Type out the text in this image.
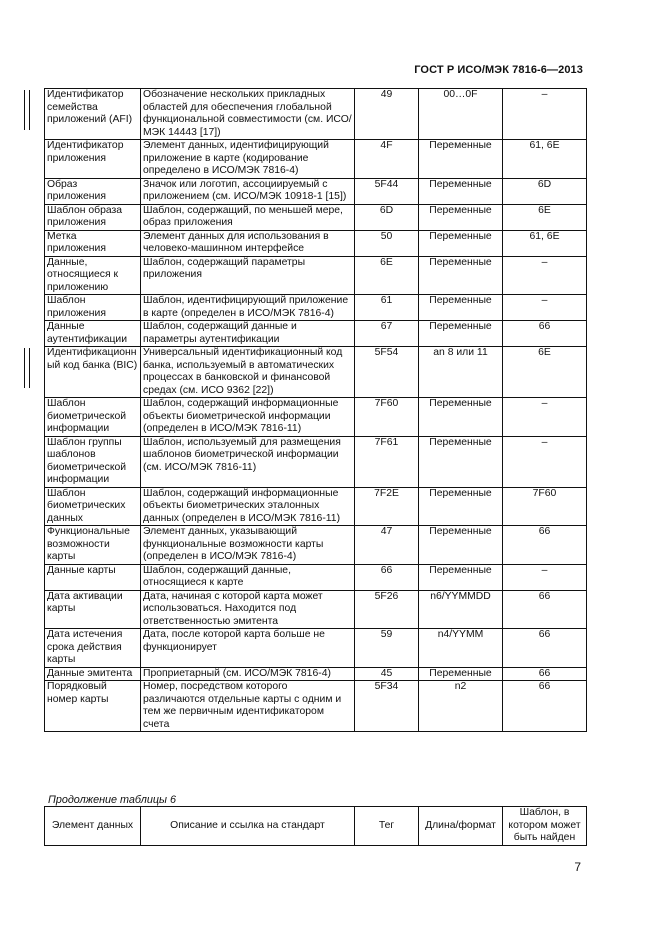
ГОСТ Р ИСО/МЭК 7816-6—2013
Идентификатор семейства приложений (AFI)	Обозначение нескольких прикладных областей для обеспечения глобальной функциональной совместимости (см. ИСО/МЭК 14443 [17])	49	00…0F	–
Идентификатор приложения	Элемент данных, идентифицирующий приложение в карте (кодирование определено в ИСО/МЭК 7816-4)	4F	Переменные	61, 6E
Образ приложения	Значок или логотип, ассоциируемый с приложением (см. ИСО/МЭК 10918-1 [15])	5F44	Переменные	6D
Шаблон образа приложения	Шаблон, содержащий, по меньшей мере, образ приложения	6D	Переменные	6E
Метка приложения	Элемент данных для использования в человеко-машинном интерфейсе	50	Переменные	61, 6E
Данные, относящиеся к приложению	Шаблон, содержащий параметры приложения	6E	Переменные	–
Шаблон приложения	Шаблон, идентифицирующий приложение в карте (определен в ИСО/МЭК 7816-4)	61	Переменные	–
Данные аутентификации	Шаблон, содержащий данные и параметры аутентификации	67	Переменные	66
Идентификационный код банка (BIC)	Универсальный идентификационный код банка, используемый в автоматических процессах в банковской и финансовой средах (см. ИСО 9362 [22])	5F54	an 8 или 11	6E
Шаблон биометрической информации	Шаблон, содержащий информационные объекты биометрической информации (определен в ИСО/МЭК 7816-11)	7F60	Переменные	–
Шаблон группы шаблонов биометрической информации	Шаблон, используемый для размещения шаблонов биометрической информации (см. ИСО/МЭК 7816-11)	7F61	Переменные	–
Шаблон биометрических данных	Шаблон, содержащий информационные объекты биометрических эталонных данных (определен в ИСО/МЭК 7816-11)	7F2E	Переменные	7F60
Функциональные возможности карты	Элемент данных, указывающий функциональные возможности карты (определен в ИСО/МЭК 7816-4)	47	Переменные	66
Данные карты	Шаблон, содержащий данные, относящиеся к карте	66	Переменные	–
Дата активации карты	Дата, начиная с которой карта может использоваться. Находится под ответственностью эмитента	5F26	n6/YYMMDD	66
Дата истечения срока действия карты	Дата, после которой карта больше не функционирует	59	n4/YYMM	66
Данные эмитента	Проприетарный (см. ИСО/МЭК 7816-4)	45	Переменные	66
Порядковый номер карты	Номер, посредством которого различаются отдельные карты с одним и тем же первичным идентификатором счета	5F34	n2	66
Продолжение таблицы 6
Элемент данных	Описание и ссылка на стандарт	Тег	Длина/формат	Шаблон, в котором может быть найден
7
